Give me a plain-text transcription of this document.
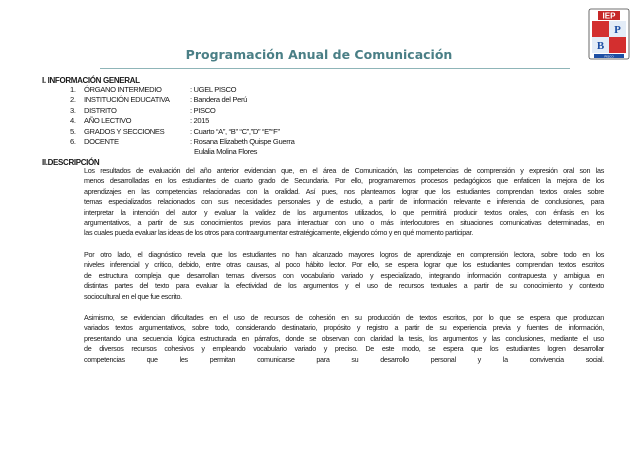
Programación Anual de Comunicación
IEP
B
P
PISCO
I. INFORMACIÓN GENERAL
1.	ÓRGANO INTERMEDIO	: UGEL PISCO
2.	INSTITUCIÓN EDUCATIVA	: Bandera del Perú
3.	DISTRITO	: PISCO
4.	AÑO LECTIVO	: 2015
5.	GRADOS Y SECCIONES	: Cuarto “A”, “B” “C”,”D” “E”“F”
6.	DOCENTE	: Rosana Elizabeth Quispe Guerra
Eulalia Molina Flores
II.DESCRIPCIÓN

Los resultados de evaluación del año anterior evidencian que, en el área de Comunicación, las competencias de comprensión y expresión oral son las

menos desarrolladas en los estudiantes de cuarto grado de Secundaria. Por ello, programaremos procesos pedagógicos que enfaticen la mejora de los

aprendizajes en las competencias relacionadas con la oralidad. Así pues, nos planteamos lograr que los estudiantes comprendan textos orales sobre

temas especializados relacionados con sus necesidades personales y de estudio, a partir de información relevante e inferencia de conclusiones, para

interpretar la intención del autor y evaluar la validez de los argumentos utilizados, lo que permitirá producir textos orales, con énfasis en los

argumentativos, a partir de sus conocimientos previos para interactuar con uno o más interlocutores en situaciones comunicativas determinadas, en

las cuales pueda evaluar las ideas de los otros para contraargumentar estratégicamente, eligiendo cómo y en qué momento participar.

Por otro lado, el diagnóstico revela que los estudiantes no han alcanzado mayores logros de aprendizaje en comprensión lectora, sobre todo en los

niveles inferencial y crítico, debido, entre otras causas, al poco hábito lector. Por ello, se espera lograr que los estudiantes comprendan textos escritos

de estructura compleja que desarrollan temas diversos con vocabulario variado y especializado, integrando información contrapuesta y ambigua en

distintas partes del texto para evaluar la efectividad de los argumentos y el uso de recursos textuales a partir de su conocimiento y contexto

sociocultural en el que fue escrito.

Asimismo, se evidencian dificultades en el uso de recursos de cohesión en su producción de textos escritos, por lo que se espera que produzcan

variados textos argumentativos, sobre todo, considerando destinatario, propósito y registro a partir de su experiencia previa y fuentes de información,

presentando una secuencia lógica estructurada en párrafos, donde se observan con claridad la tesis, los argumentos y las conclusiones, mediante el uso

de diversos recursos cohesivos y empleando vocabulario variado y preciso. De este modo, se espera que los estudiantes logren desarrollar

competencias que les permitan comunicarse para su desarrollo personal y la convivencia social.
